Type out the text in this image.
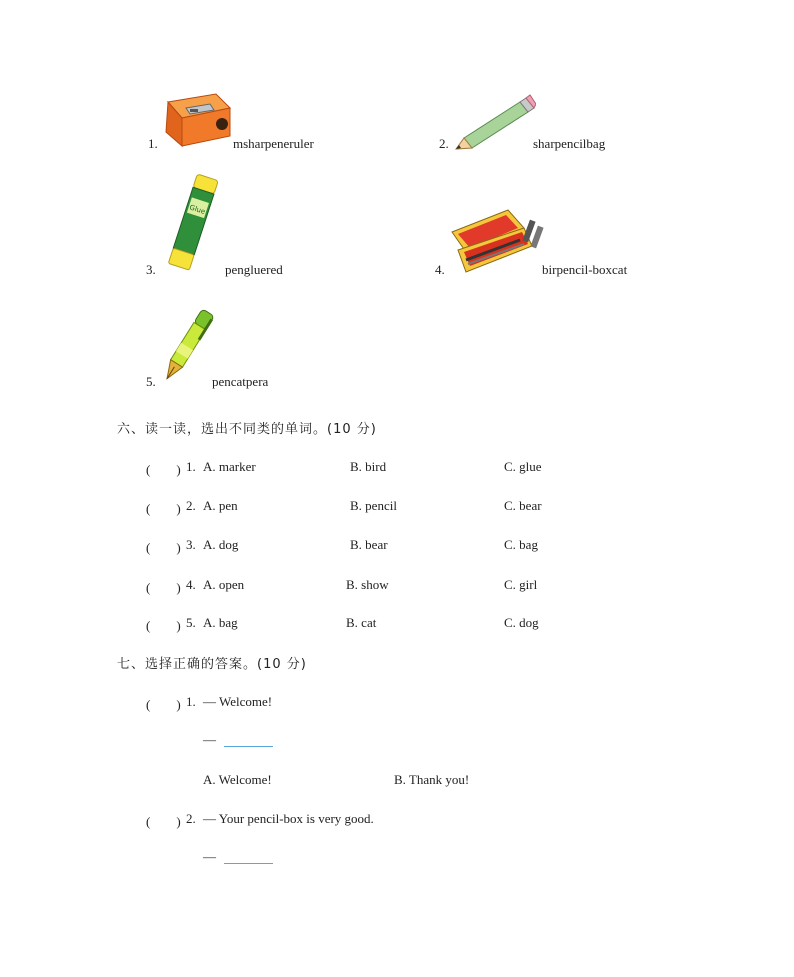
1.	msharpeneruler	2.	sharpencilbag
Glue
3.	pengluered	4.	birpencil-boxcat
5.	pencatpera
六、读一读，选出不同类的单词。(10 分)
(　　) 1. A. marker	B. bird	C. glue
(　　) 2. A. pen	B. pencil	C. bear
(　　) 3. A. dog	B. bear	C. bag
(　　) 4. A. open	B. show	C. girl
(　　) 5. A. bag	B. cat	C. dog
七、选择正确的答案。(10 分)
(　　) 1. — Welcome!
—
A. Welcome!	B. Thank you!
(　　) 2. — Your pencil-box is very good.
—
